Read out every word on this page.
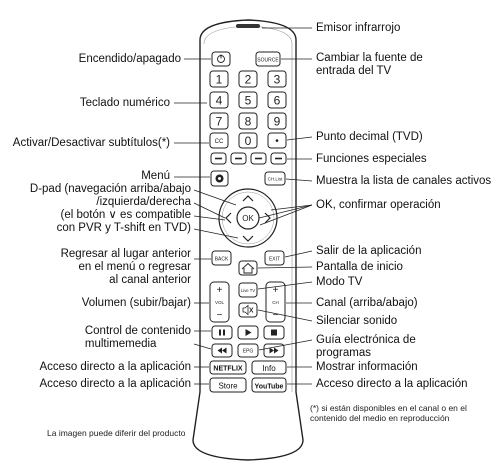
SOURCE
1 2 3
4 5 6
7 8 9
CC 0 •
CH.List
OK
BACK	EXIT
+
VOL
−
Live TV +
CH
−
EPG
NETFLIX Info
Store YouTube
Encendido/apagado
Teclado numérico
Activar/Desactivar subtítulos(*)
Menú
D-pad (navegación arriba/abajo
/izquierda/derecha
(el botón ∨ es compatible
con PVR y T-shift en TVD)
Regresar al lugar anterior
en el menú o regresar
al canal anterior
Volumen (subir/bajar)
Control de contenido
multimemedia
Acceso directo a la aplicación
Acceso directo a la aplicación
Emisor infrarrojo
Cambiar la fuente de
entrada del TV
Punto decimal (TVD)
Funciones especiales
Muestra la lista de canales activos
OK, confirmar operación
Salir de la aplicación
Pantalla de inicio
Modo TV
Canal (arriba/abajo)
Silenciar sonido
Guía electrónica de
programas
Mostrar información
Acceso directo a la aplicación
(*) si están disponibles en el canal o en el contenido del medio en reproducción
La imagen puede diferir del producto
